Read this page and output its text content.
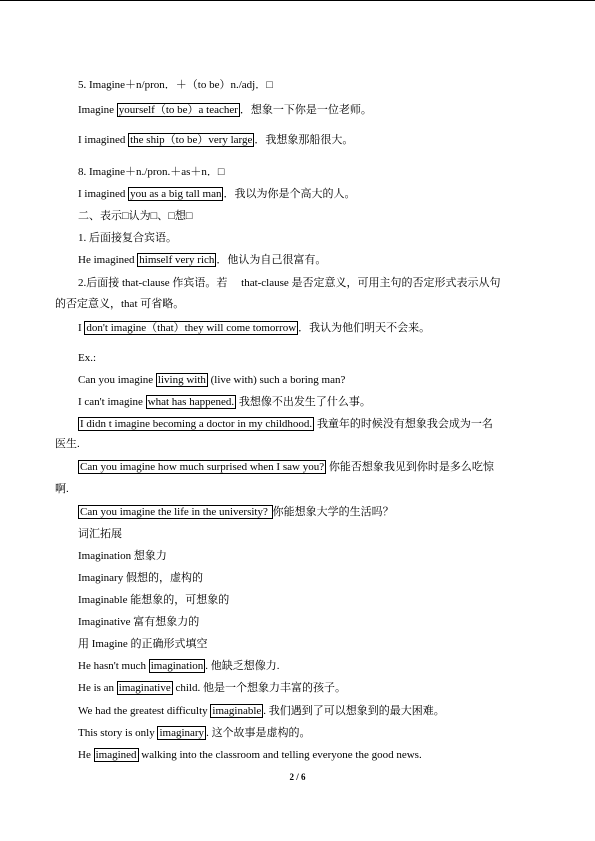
5. Imagine＋n/pron．＋（to be）n./adj．□
Imagine yourself（to be）a teacher ．想象一下你是一位老师。
I imagined the ship（to be）very large ．我想象那船很大。
8. Imagine＋n./pron.＋as＋n．□
I imagined you as a big tall man ．我以为你是个高大的人。
二、表示□认为□、□想□
1. 后面接复合宾语。
He imagined himself very rich ．他认为自己很富有。
2.后面接 that-clause 作宾语。若　 that-clause 是否定意义，可用主句的否定形式表示从句
的否定意义，that 可省略。
I don't imagine（that）they will come tomorrow ．我认为他们明天不会来。
Ex.:
Can you imagine living with (live with) such a boring man?
I can't imagine what has happened. 我想像不出发生了什么事。
I didn t imagine becoming a doctor in my childhood. 我童年的时候没有想象我会成为一名
医生.
Can you imagine how much surprised when I saw you? 你能否想象我见到你时是多么吃惊
啊.
Can you imagine the life in the university? 你能想象大学的生活吗？
词汇拓展
Imagination 想象力
Imaginary 假想的，虚构的
Imaginable 能想象的，可想象的
Imaginative 富有想象力的
用 Imagine 的正确形式填空
He hasn't much imagination . 他缺乏想像力.
He is an imaginative child. 他是一个想象力丰富的孩子。
We had the greatest difficulty imaginable . 我们遇到了可以想象到的最大困难。
This story is only imaginary . 这个故事是虚构的。
He imagined walking into the classroom and telling everyone the good news.
2 / 6
